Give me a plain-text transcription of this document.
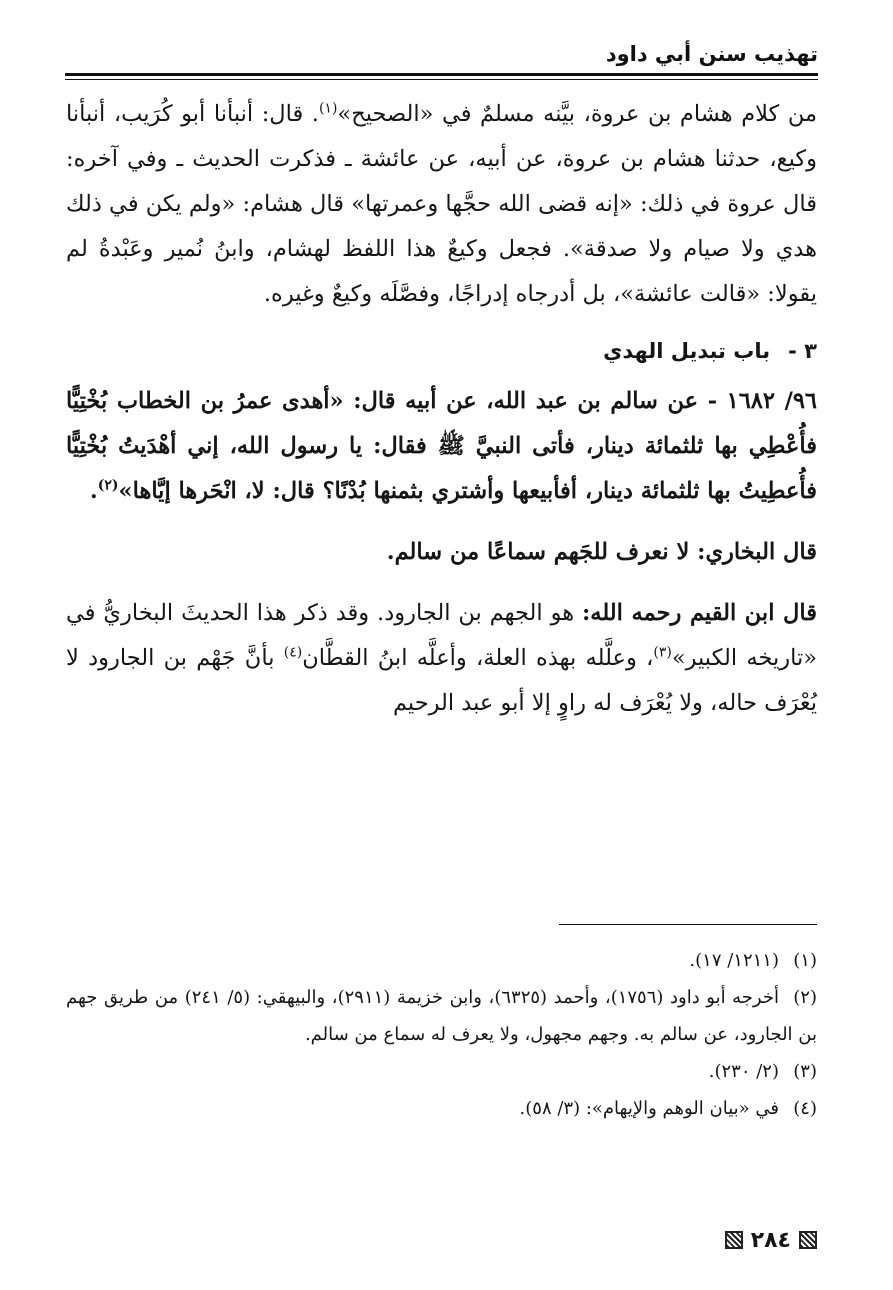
تهذيب سنن أبي داود

من كلام هشام بن عروة، بيَّنه مسلمٌ في «الصحيح»$^{(١)}$. قال: أنبأنا أبو كُرَيب، أنبأنا وكيع، حدثنا هشام بن عروة، عن أبيه، عن عائشة ـ فذكرت الحديث ـ وفي آخره: قال عروة في ذلك: «إنه قضى الله حجَّها وعمرتها» قال هشام: «ولم يكن في ذلك هدي ولا صيام ولا صدقة». فجعل وكيعٌ هذا اللفظ لهشام، وابنُ نُمير وعَبْدةُ لم يقولا: «قالت عائشة»، بل أدرجاه إدراجًا، وفصَّلَه وكيعٌ وغيره.

٣ -باب تبديل الهدي

٩٦/ ١٦٨٢ - عن سالم بن عبد الله، عن أبيه قال: «أهدى عمرُ بن الخطاب بُخْتِيًّا فأُعْطِي بها ثلثمائة دينار، فأتى النبيَّ ﷺ فقال: يا رسول الله، إني أهْدَيتُ بُخْتِيًّا فأُعطِيتُ بها ثلثمائة دينار، أفأبيعها وأشتري بثمنها بُدْنًا؟ قال: لا، انْحَرها إيَّاها»$^{(٢)}$.

قال البخاري: لا نعرف للجَهم سماعًا من سالم.

قال ابن القيم رحمه الله: هو الجهم بن الجارود. وقد ذكر هذا الحديثَ البخاريُّ في «تاريخه الكبير»$^{(٣)}$، وعلَّله بهذه العلة، وأعلَّه ابنُ القطَّان$^{(٤)}$ بأنَّ جَهْم بن الجارود لا يُعْرَف حاله، ولا يُعْرَف له راوٍ إلا أبو عبد الرحيم

(١)(١٢١١/ ١٧).

(٢)أخرجه أبو داود (١٧٥٦)، وأحمد (٦٣٢٥)، وابن خزيمة (٢٩١١)، والبيهقي: (٥/ ٢٤١) من طريق جهم بن الجارود، عن سالم به. وجهم مجهول، ولا يعرف له سماع من سالم.

(٣)(٢/ ٢٣٠).

(٤)في «بيان الوهم والإيهام»: (٣/ ٥٨).

٢٨٤
